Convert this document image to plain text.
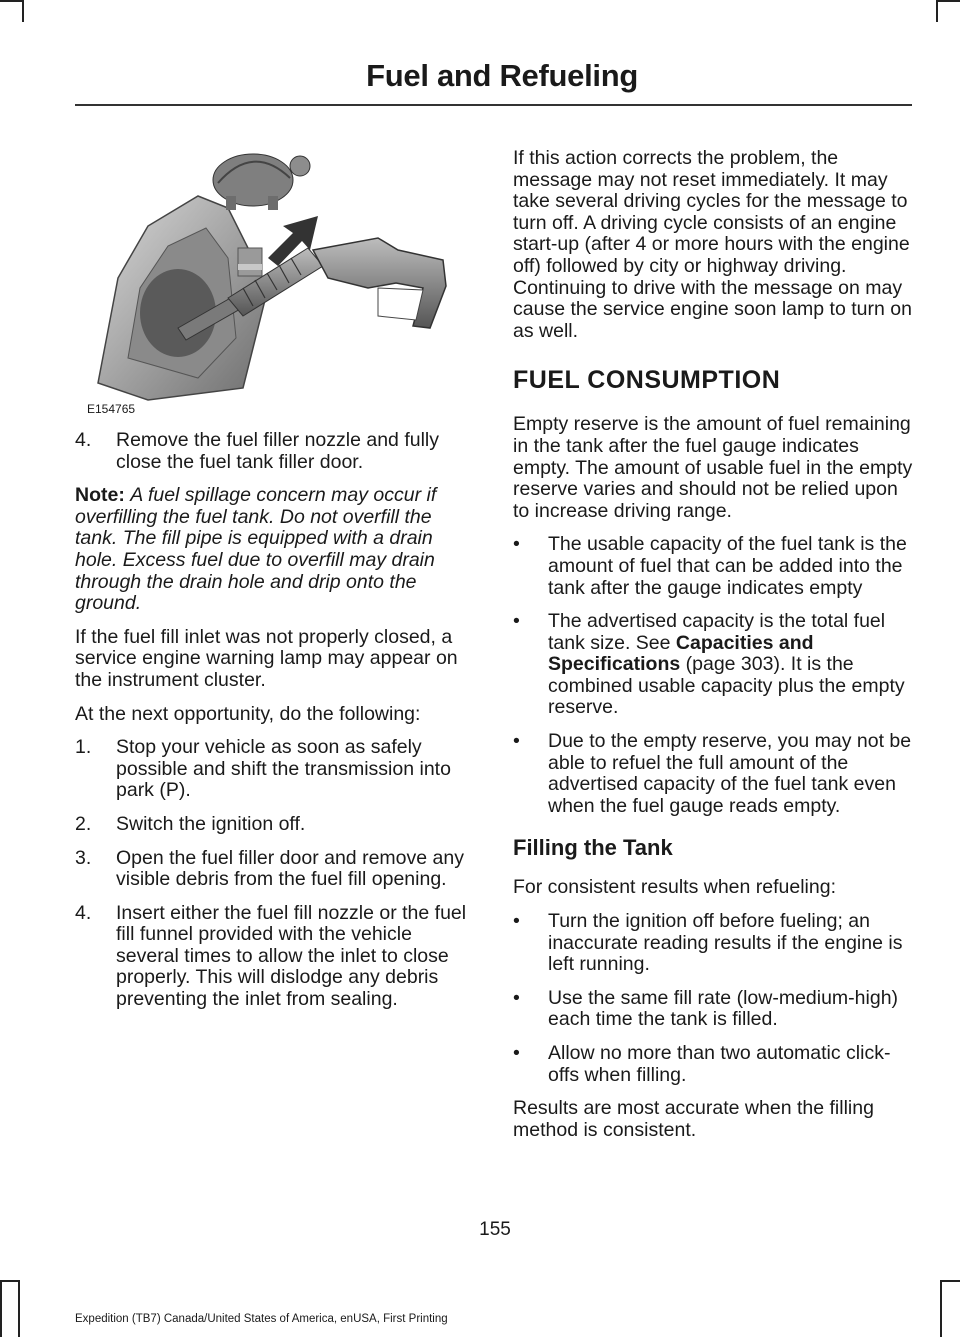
Fuel and Refueling
E154765
4. Remove the fuel filler nozzle and fully close the fuel tank filler door.

Note: A fuel spillage concern may occur if overfilling the fuel tank. Do not overfill the tank. The fill pipe is equipped with a drain hole. Excess fuel due to overfill may drain through the drain hole and drip onto the ground.

If the fuel fill inlet was not properly closed, a service engine warning lamp may appear on the instrument cluster.

At the next opportunity, do the following:

1. Stop your vehicle as soon as safely possible and shift the transmission into park (P).
2. Switch the ignition off.
3. Open the fuel filler door and remove any visible debris from the fuel fill opening.
4. Insert either the fuel fill nozzle or the fuel fill funnel provided with the vehicle several times to allow the inlet to close properly. This will dislodge any debris preventing the inlet from sealing.

If this action corrects the problem, the message may not reset immediately. It may take several driving cycles for the message to turn off. A driving cycle consists of an engine start-up (after 4 or more hours with the engine off) followed by city or highway driving. Continuing to drive with the message on may cause the service engine soon lamp to turn on as well.

FUEL CONSUMPTION

Empty reserve is the amount of fuel remaining in the tank after the fuel gauge indicates empty. The amount of usable fuel in the empty reserve varies and should not be relied upon to increase driving range.

• The usable capacity of the fuel tank is the amount of fuel that can be added into the tank after the gauge indicates empty
• The advertised capacity is the total fuel tank size. See Capacities and Specifications (page 303). It is the combined usable capacity plus the empty reserve.
• Due to the empty reserve, you may not be able to refuel the full amount of the advertised capacity of the fuel tank even when the fuel gauge reads empty.
Filling the Tank

For consistent results when refueling:

• Turn the ignition off before fueling; an inaccurate reading results if the engine is left running.
• Use the same fill rate (low-medium-high) each time the tank is filled.
• Allow no more than two automatic click-offs when filling.

Results are most accurate when the filling method is consistent.

155
Expedition (TB7) Canada/United States of America, enUSA, First Printing
